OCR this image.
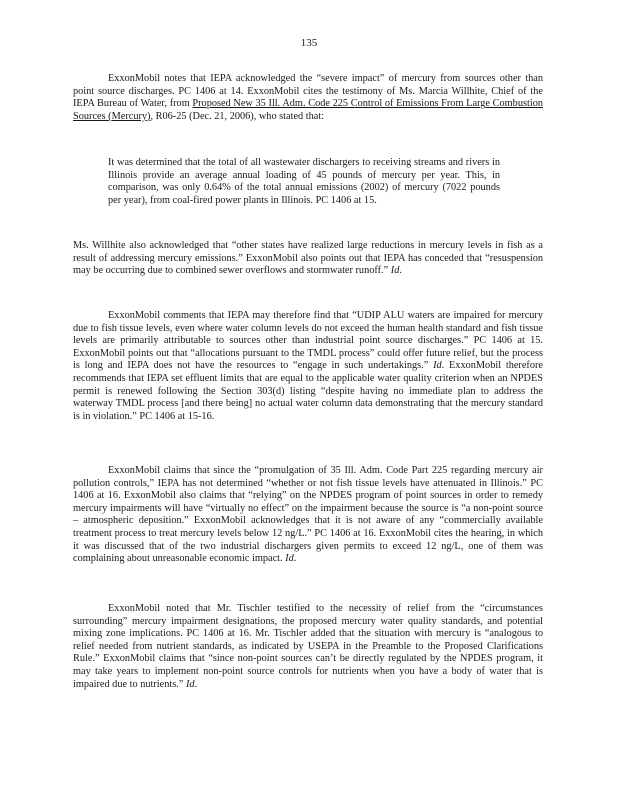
135

ExxonMobil notes that IEPA acknowledged the “severe impact” of mercury from sources other than point source discharges. PC 1406 at 14. ExxonMobil cites the testimony of Ms. Marcia Willhite, Chief of the IEPA Bureau of Water, from Proposed New 35 Ill. Adm. Code 225 Control of Emissions From Large Combustion Sources (Mercury), R06-25 (Dec. 21, 2006), who stated that:

It was determined that the total of all wastewater dischargers to receiving streams and rivers in Illinois provide an average annual loading of 45 pounds of mercury per year. This, in comparison, was only 0.64% of the total annual emissions (2002) of mercury (7022 pounds per year), from coal-fired power plants in Illinois. PC 1406 at 15.

Ms. Willhite also acknowledged that “other states have realized large reductions in mercury levels in fish as a result of addressing mercury emissions.” ExxonMobil also points out that IEPA has conceded that “resuspension may be occurring due to combined sewer overflows and stormwater runoff.” Id.

ExxonMobil comments that IEPA may therefore find that “UDIP ALU waters are impaired for mercury due to fish tissue levels, even where water column levels do not exceed the human health standard and fish tissue levels are primarily attributable to sources other than industrial point source discharges.” PC 1406 at 15. ExxonMobil points out that “allocations pursuant to the TMDL process” could offer future relief, but the process is long and IEPA does not have the resources to “engage in such undertakings.” Id. ExxonMobil therefore recommends that IEPA set effluent limits that are equal to the applicable water quality criterion when an NPDES permit is renewed following the Section 303(d) listing “despite having no immediate plan to address the waterway TMDL process [and there being] no actual water column data demonstrating that the mercury standard is in violation.” PC 1406 at 15-16.

ExxonMobil claims that since the “promulgation of 35 Ill. Adm. Code Part 225 regarding mercury air pollution controls,” IEPA has not determined “whether or not fish tissue levels have attenuated in Illinois.” PC 1406 at 16. ExxonMobil also claims that “relying” on the NPDES program of point sources in order to remedy mercury impairments will have “virtually no effect” on the impairment because the source is “a non-point source – atmospheric deposition.” ExxonMobil acknowledges that it is not aware of any “commercially available treatment process to treat mercury levels below 12 ng/L.” PC 1406 at 16. ExxonMobil cites the hearing, in which it was discussed that of the two industrial dischargers given permits to exceed 12 ng/L, one of them was complaining about unreasonable economic impact. Id.

ExxonMobil noted that Mr. Tischler testified to the necessity of relief from the “circumstances surrounding” mercury impairment designations, the proposed mercury water quality standards, and potential mixing zone implications. PC 1406 at 16. Mr. Tischler added that the situation with mercury is “analogous to relief needed from nutrient standards, as indicated by USEPA in the Preamble to the Proposed Clarifications Rule.” ExxonMobil claims that “since non-point sources can’t be directly regulated by the NPDES program, it may take years to implement non-point source controls for nutrients when you have a body of water that is impaired due to nutrients.” Id.
